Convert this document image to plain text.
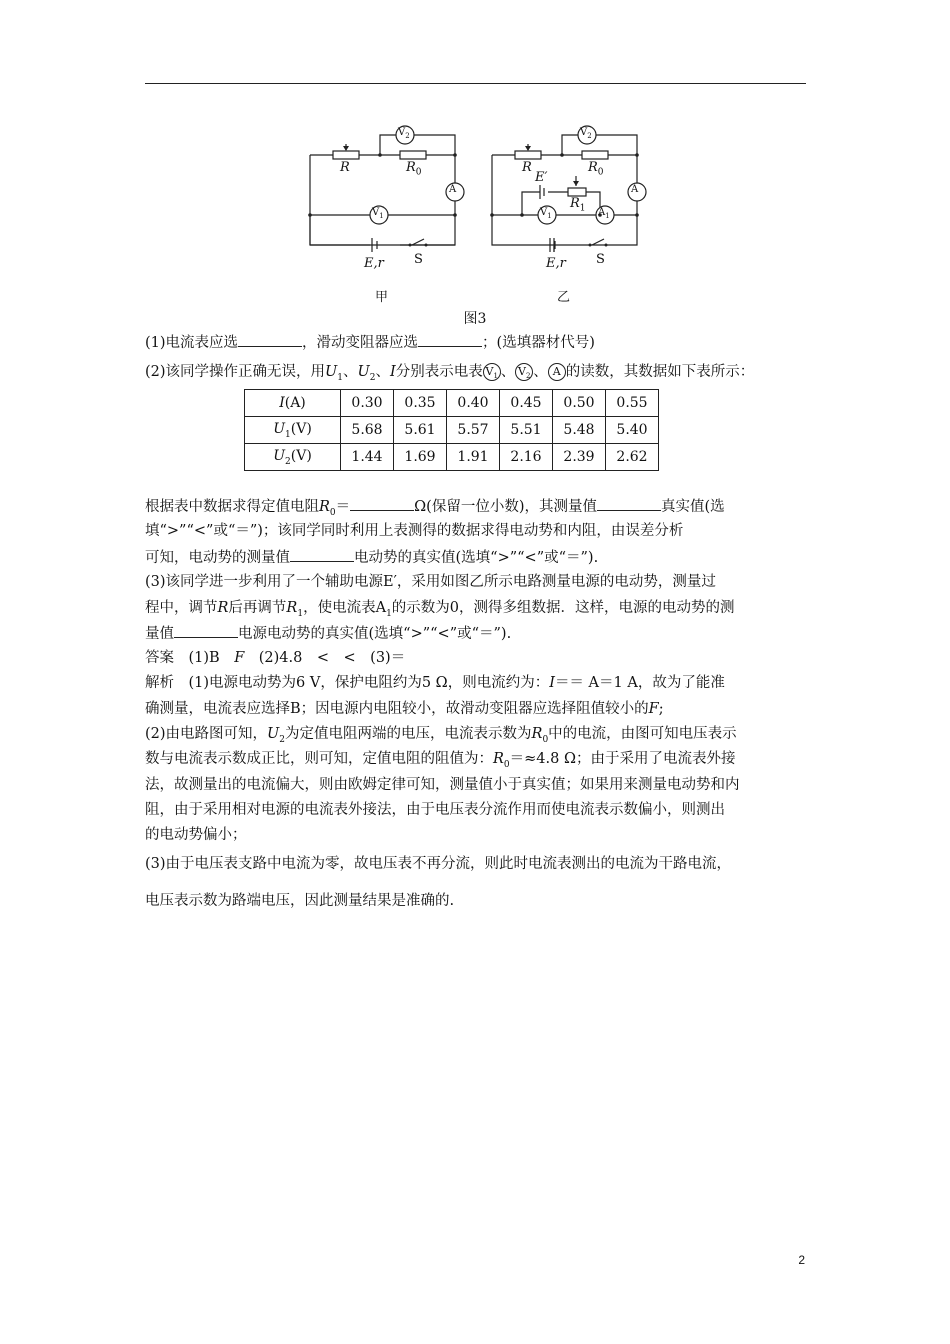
$V_2$
A
$V_1$
R	$R_0$
E,r S
甲
$V_2$
A
$V_1$	$A_1$
R	$R_0$
E′
$R_1$
E,r S
乙
图3
(1)电流表应选	，滑动变阻器应选	；(选填器材代号)
(2)该同学操作正确无误，用$U_1$、$U_2$、I分别表示电表 $V_1$ 、 $V_2$ 、 A 的读数，其数据如下表所示：
I(A)	0.30	0.35	0.40	0.45	0.50	0.55
$U_1(V)$	5.68	5.61	5.57	5.51	5.48	5.40
$U_2(V)$	1.44	1.69	1.91	2.16	2.39	2.62
根据表中数据求得定值电阻$R_0=$	Ω(保留一位小数)，其测量值	真实值(选
填“>”“<”或“＝”)；该同学同时利用上表测得的数据求得电动势和内阻，由误差分析
可知，电动势的测量值	电动势的真实值(选填“>”“<”或“＝”).
(3)该同学进一步利用了一个辅助电源E′，采用如图乙所示电路测量电源的电动势，测量过
程中，调节R后再调节$R_1$，使电流表$A_1$的示数为0，测得多组数据．这样，电源的电动势的测
量值	电源电动势的真实值(选填“>”“<”或“＝”).
答案　(1)B　F　(2)4.8　<　<　(3)＝
解析　(1)电源电动势为6 V，保护电阻约为5 Ω，则电流约为：I＝＝ A＝1 A，故为了能准
确测量，电流表应选择B；因电源内电阻较小，故滑动变阻器应选择阻值较小的F;
(2)由电路图可知，$U_2$为定值电阻两端的电压，电流表示数为$R_0$中的电流，由图可知电压表示
数与电流表示数成正比，则可知，定值电阻的阻值为：$R_0=\approx 4.8$ Ω；由于采用了电流表外接
法，故测量出的电流偏大，则由欧姆定律可知，测量值小于真实值；如果用来测量电动势和内
阻，由于采用相对电源的电流表外接法，由于电压表分流作用而使电流表示数偏小，则测出
的电动势偏小；
(3)由于电压表支路中电流为零，故电压表不再分流，则此时电流表测出的电流为干路电流，
电压表示数为路端电压，因此测量结果是准确的.
2
